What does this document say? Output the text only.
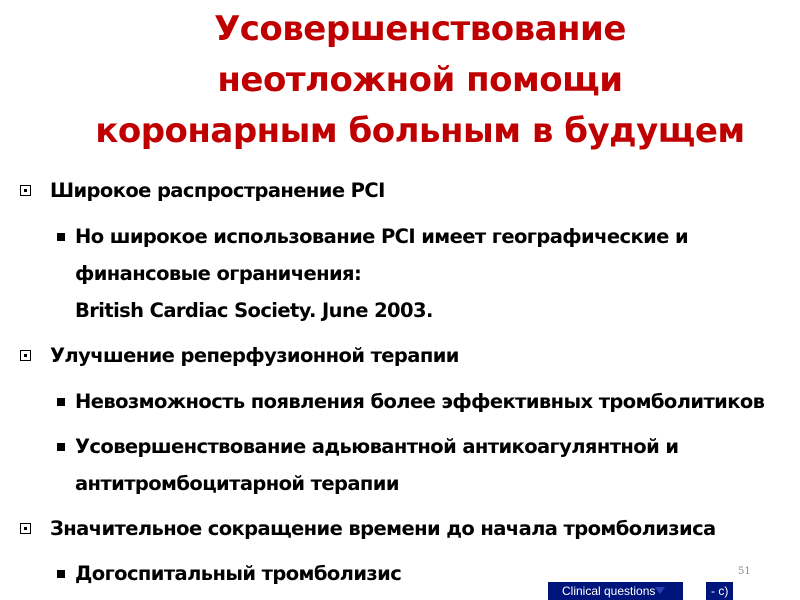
Усовершенствование неотложной помощи коронарным больным в будущем
Широкое распространение PCI
Но широкое использование PCI имеет географические и
финансовые ограничения:
British Cardiac Society. June 2003.
Улучшение реперфузионной терапии
Невозможность появления более эффективных тромболитиков
Усовершенствование адьювантной антикоагулянтной и
антитромбоцитарной терапии
Значительное сокращение времени до начала тромболизиса
Догоспитальный тромболизис	51
Clinical questions	- c)
